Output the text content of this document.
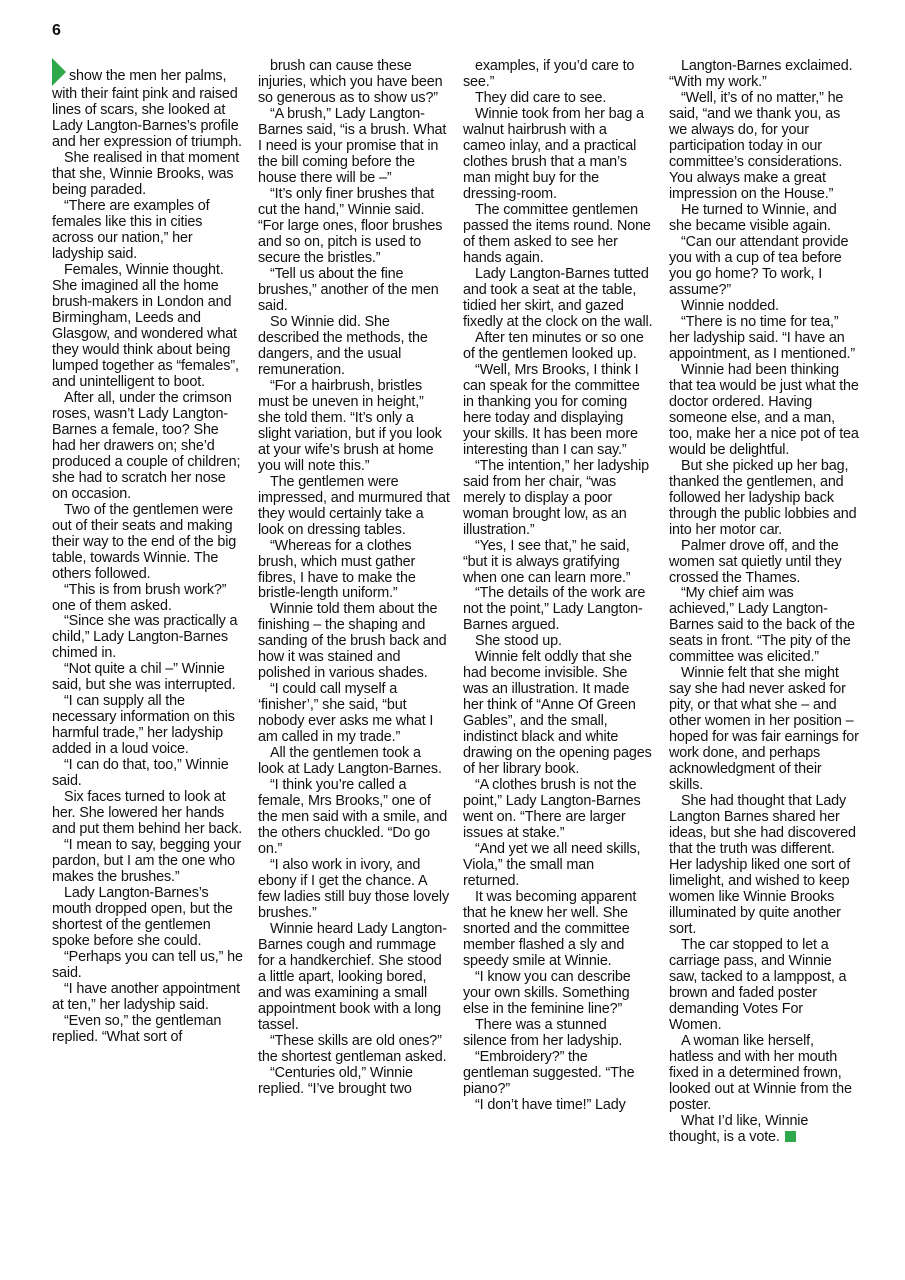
6

show the men her palms, with their faint pink and raised lines of scars, she looked at Lady Langton-Barnes’s profile and her expression of triumph.

She realised in that moment that she, Winnie Brooks, was being paraded.

“There are examples of females like this in cities across our nation,” her ladyship said.

Females, Winnie thought. She imagined all the home brush-makers in London and Birmingham, Leeds and Glasgow, and wondered what they would think about being lumped together as “females”, and unintelligent to boot.

After all, under the crimson roses, wasn’t Lady Langton-Barnes a female, too? She had her drawers on; she’d produced a couple of children; she had to scratch her nose on occasion.

Two of the gentlemen were out of their seats and making their way to the end of the big table, towards Winnie. The others followed.

“This is from brush work?” one of them asked.

“Since she was practically a child,” Lady Langton-Barnes chimed in.

“Not quite a chil –” Winnie said, but she was interrupted.

“I can supply all the necessary information on this harmful trade,” her ladyship added in a loud voice.

“I can do that, too,” Winnie said.

Six faces turned to look at her. She lowered her hands and put them behind her back.

“I mean to say, begging your pardon, but I am the one who makes the brushes.”

Lady Langton-Barnes’s mouth dropped open, but the shortest of the gentlemen spoke before she could.

“Perhaps you can tell us,” he said.

“I have another appointment at ten,” her ladyship said.

“Even so,” the gentleman replied. “What sort of

brush can cause these injuries, which you have been so generous as to show us?”

“A brush,” Lady Langton-Barnes said, “is a brush. What I need is your promise that in the bill coming before the house there will be –”

“It’s only finer brushes that cut the hand,” Winnie said. “For large ones, floor brushes and so on, pitch is used to secure the bristles.”

“Tell us about the fine brushes,” another of the men said.

So Winnie did. She described the methods, the dangers, and the usual remuneration.

“For a hairbrush, bristles must be uneven in height,” she told them. “It’s only a slight variation, but if you look at your wife’s brush at home you will note this.”

The gentlemen were impressed, and murmured that they would certainly take a look on dressing tables.

“Whereas for a clothes brush, which must gather fibres, I have to make the bristle-length uniform.”

Winnie told them about the finishing – the shaping and sanding of the brush back and how it was stained and polished in various shades.

“I could call myself a ‘finisher’,” she said, “but nobody ever asks me what I am called in my trade.”

All the gentlemen took a look at Lady Langton-Barnes.

“I think you’re called a female, Mrs Brooks,” one of the men said with a smile, and the others chuckled. “Do go on.”

“I also work in ivory, and ebony if I get the chance. A few ladies still buy those lovely brushes.”

Winnie heard Lady Langton-Barnes cough and rummage for a handkerchief. She stood a little apart, looking bored, and was examining a small appointment book with a long tassel.

“These skills are old ones?” the shortest gentleman asked.

“Centuries old,” Winnie replied. “I’ve brought two

examples, if you’d care to see.”

They did care to see.

Winnie took from her bag a walnut hairbrush with a cameo inlay, and a practical clothes brush that a man’s man might buy for the dressing-room.

The committee gentlemen passed the items round. None of them asked to see her hands again.

Lady Langton-Barnes tutted and took a seat at the table, tidied her skirt, and gazed fixedly at the clock on the wall.

After ten minutes or so one of the gentlemen looked up.

“Well, Mrs Brooks, I think I can speak for the committee in thanking you for coming here today and displaying your skills. It has been more interesting than I can say.”

“The intention,” her ladyship said from her chair, “was merely to display a poor woman brought low, as an illustration.”

“Yes, I see that,” he said, “but it is always gratifying when one can learn more.”

“The details of the work are not the point,” Lady Langton-Barnes argued.

She stood up.

Winnie felt oddly that she had become invisible. She was an illustration. It made her think of “Anne Of Green Gables”, and the small, indistinct black and white drawing on the opening pages of her library book.

“A clothes brush is not the point,” Lady Langton-Barnes went on. “There are larger issues at stake.”

“And yet we all need skills, Viola,” the small man returned.

It was becoming apparent that he knew her well. She snorted and the committee member flashed a sly and speedy smile at Winnie.

“I know you can describe your own skills. Something else in the feminine line?”

There was a stunned silence from her ladyship.

“Embroidery?” the gentleman suggested. “The piano?”

“I don’t have time!” Lady

Langton-Barnes exclaimed. “With my work.”

“Well, it’s of no matter,” he said, “and we thank you, as we always do, for your participation today in our committee’s considerations. You always make a great impression on the House.”

He turned to Winnie, and she became visible again.

“Can our attendant provide you with a cup of tea before you go home? To work, I assume?”

Winnie nodded.

“There is no time for tea,” her ladyship said. “I have an appointment, as I mentioned.”

Winnie had been thinking that tea would be just what the doctor ordered. Having someone else, and a man, too, make her a nice pot of tea would be delightful.

But she picked up her bag, thanked the gentlemen, and followed her ladyship back through the public lobbies and into her motor car.

Palmer drove off, and the women sat quietly until they crossed the Thames.

“My chief aim was achieved,” Lady Langton-Barnes said to the back of the seats in front. “The pity of the committee was elicited.”

Winnie felt that she might say she had never asked for pity, or that what she – and other women in her position – hoped for was fair earnings for work done, and perhaps acknowledgment of their skills.

She had thought that Lady Langton Barnes shared her ideas, but she had discovered that the truth was different. Her ladyship liked one sort of limelight, and wished to keep women like Winnie Brooks illuminated by quite another sort.

The car stopped to let a carriage pass, and Winnie saw, tacked to a lamppost, a brown and faded poster demanding Votes For Women.

A woman like herself, hatless and with her mouth fixed in a determined frown, looked out at Winnie from the poster.

What I’d like, Winnie thought, is a vote.
